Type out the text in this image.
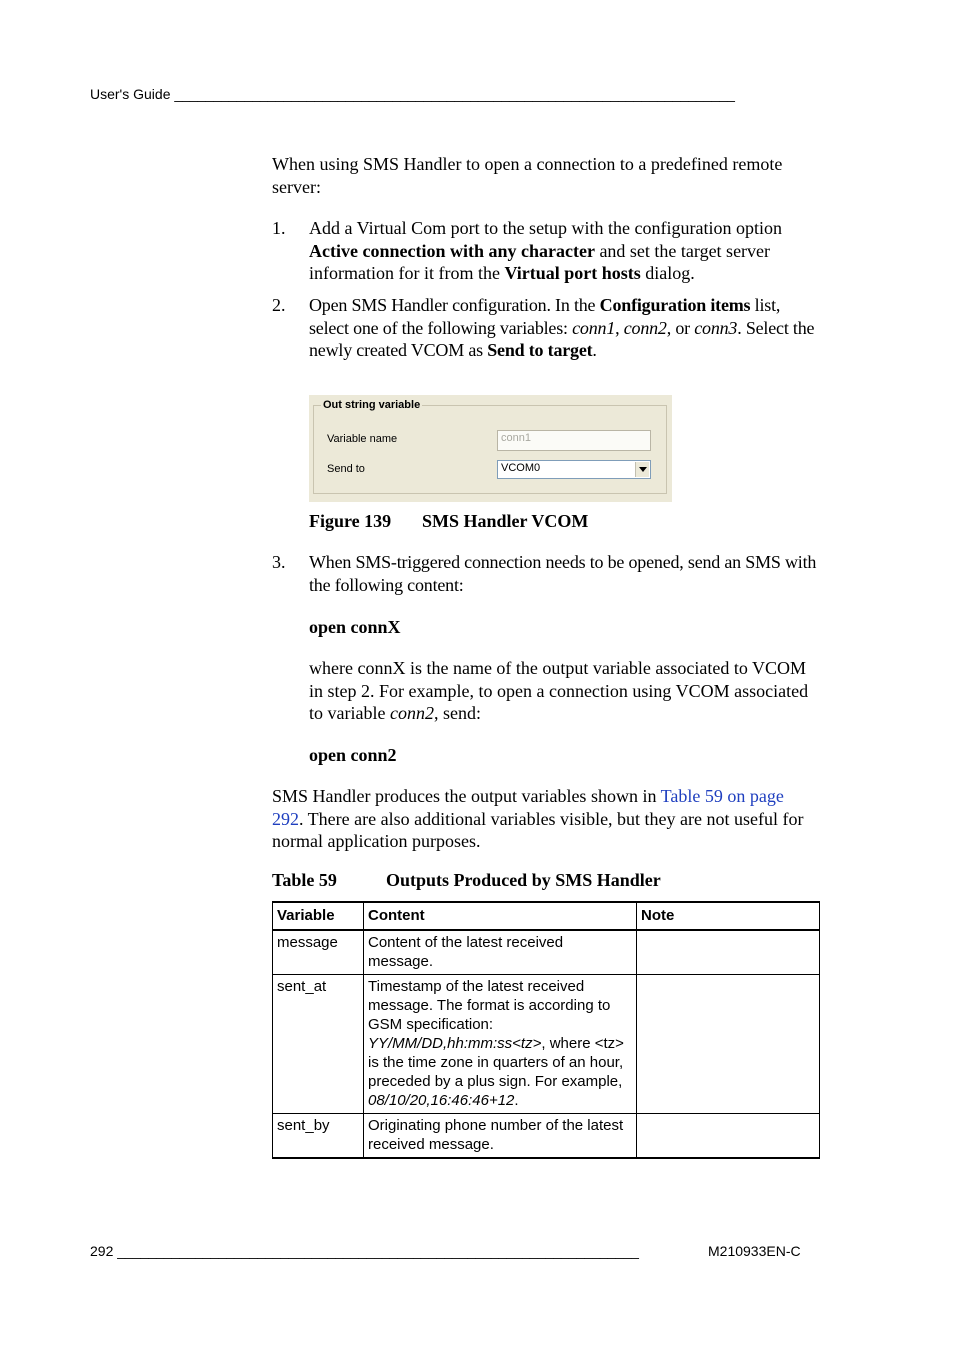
User's Guide ________________________________________________________________________
When using SMS Handler to open a connection to a predefined remote server:
1. Add a Virtual Com port to the setup with the configuration option Active connection with any character and set the target server information for it from the Virtual port hosts dialog.
2. Open SMS Handler configuration. In the Configuration items list, select one of the following variables: conn1, conn2, or conn3. Select the newly created VCOM as Send to target.
Out string variable
Variable name	conn1
Send to	VCOM0
Figure 139 SMS Handler VCOM
3. When SMS-triggered connection needs to be opened, send an SMS with the following content:
open connX
where connX is the name of the output variable associated to VCOM in step 2. For example, to open a connection using VCOM associated to variable conn2, send:
open conn2
SMS Handler produces the output variables shown in Table 59 on page 292. There are also additional variables visible, but they are not useful for normal application purposes.
Table 59	Outputs Produced by SMS Handler
Variable	Content	Note
message	Content of the latest received message.	
sent_at	Timestamp of the latest received message. The format is according to GSM specification: YY/MM/DD,hh:mm:ss<tz>, where <tz> is the time zone in quarters of an hour, preceded by a plus sign. For example, 08/10/20,16:46:46+12.	
sent_by	Originating phone number of the latest received message.	
292 ___________________________________________________________________	M210933EN-C
